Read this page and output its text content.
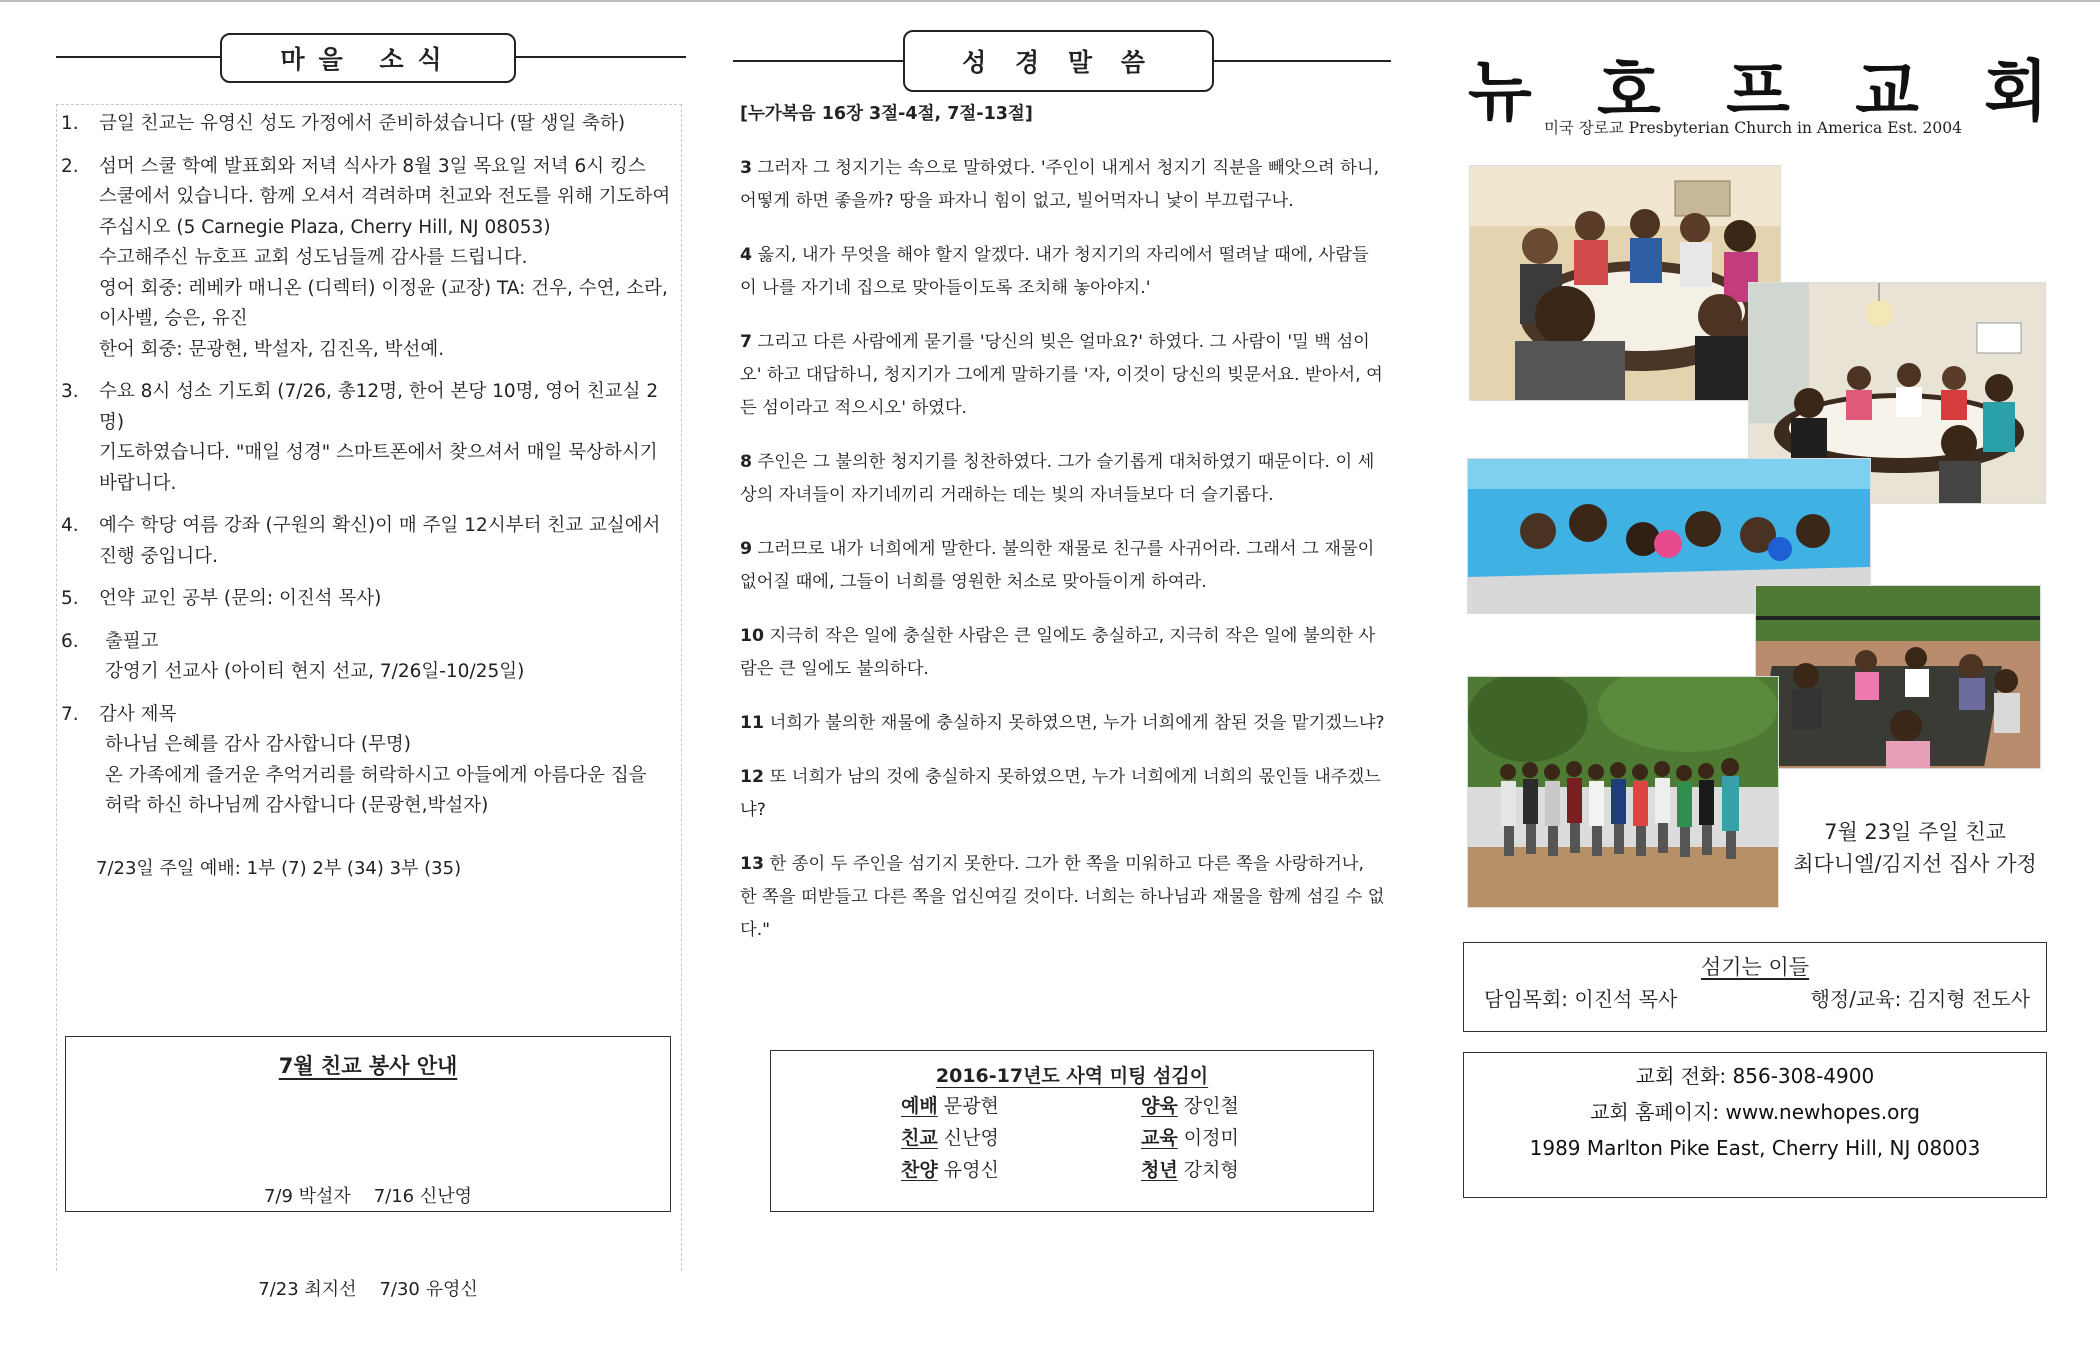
마을 소식
1.	금일 친교는 유영신 성도 가정에서 준비하셨습니다 (딸 생일 축하)
2.	섬머 스쿨 학예 발표회와 저녁 식사가 8월 3일 목요일 저녁 6시 킹스
스쿨에서 있습니다. 함께 오셔서 격려하며 친교와 전도를 위해 기도하여
주십시오 (5 Carnegie Plaza, Cherry Hill, NJ 08053)
수고해주신 뉴호프 교회 성도님들께 감사를 드립니다.
영어 회중: 레베카 매니온 (디렉터) 이정윤 (교장) TA: 건우, 수연, 소라,
이사벨, 승은, 유진
한어 회중: 문광현, 박설자, 김진옥, 박선예.
3.	수요 8시 성소 기도회 (7/26, 총12명, 한어 본당 10명, 영어 친교실 2명)
기도하였습니다. "매일 성경" 스마트폰에서 찾으셔서 매일 묵상하시기
바랍니다.
4.	예수 학당 여름 강좌 (구원의 확신)이 매 주일 12시부터 친교 교실에서
진행 중입니다.
5.	언약 교인 공부 (문의: 이진석 목사)
6.	출필고
강영기 선교사 (아이티 현지 선교, 7/26일-10/25일)
7.	감사 제목
하나님 은혜를 감사 감사합니다 (무명)
온 가족에게 즐거운 추억거리를 허락하시고 아들에게 아름다운 집을
허락 하신 하나님께 감사합니다 (문광현,박설자)
7/23일 주일 예배: 1부 (7) 2부 (34) 3부 (35)
7월 친교 봉사 안내

7/9 박설자    7/16 신난영

7/23 최지선    7/30 유영신

성 경 말 씀
[누가복음 16장 3절-4절, 7절-13절]
3 그러자 그 청지기는 속으로 말하였다. '주인이 내게서 청지기 직분을 빼앗으려 하니, 어떻게 하면 좋을까? 땅을 파자니 힘이 없고, 빌어먹자니 낯이 부끄럽구나.
4 옳지, 내가 무엇을 해야 할지 알겠다. 내가 청지기의 자리에서 떨려날 때에, 사람들이 나를 자기네 집으로 맞아들이도록 조치해 놓아야지.'
7 그리고 다른 사람에게 묻기를 '당신의 빚은 얼마요?' 하였다. 그 사람이 '밀 백 섬이오' 하고 대답하니, 청지기가 그에게 말하기를 '자, 이것이 당신의 빚문서요. 받아서, 여든 섬이라고 적으시오' 하였다.
8 주인은 그 불의한 청지기를 칭찬하였다. 그가 슬기롭게 대처하였기 때문이다. 이 세상의 자녀들이 자기네끼리 거래하는 데는 빛의 자녀들보다 더 슬기롭다.
9 그러므로 내가 너희에게 말한다. 불의한 재물로 친구를 사귀어라. 그래서 그 재물이 없어질 때에, 그들이 너희를 영원한 처소로 맞아들이게 하여라.
10 지극히 작은 일에 충실한 사람은 큰 일에도 충실하고, 지극히 작은 일에 불의한 사람은 큰 일에도 불의하다.
11 너희가 불의한 재물에 충실하지 못하였으면, 누가 너희에게 참된 것을 맡기겠느냐?
12 또 너희가 남의 것에 충실하지 못하였으면, 누가 너희에게 너희의 몫인들 내주겠느냐?
13 한 종이 두 주인을 섬기지 못한다. 그가 한 쪽을 미워하고 다른 쪽을 사랑하거나, 한 쪽을 떠받들고 다른 쪽을 업신여길 것이다. 너희는 하나님과 재물을 함께 섬길 수 없다."
2016-17년도 사역 미팅 섬김이
예배 문광현	양육 장인철
친교 신난영	교육 이정미
찬양 유영신	청년 강치형
뉴 호 프 교 회
미국 장로교 Presbyterian Church in America Est. 2004
7월 23일 주일 친교
최다니엘/김지선 집사 가정
섬기는 이들
담임목회: 이진석 목사	행정/교육: 김지형 전도사
교회 전화: 856-308-4900
교회 홈페이지: www.newhopes.org
1989 Marlton Pike East, Cherry Hill, NJ 08003
